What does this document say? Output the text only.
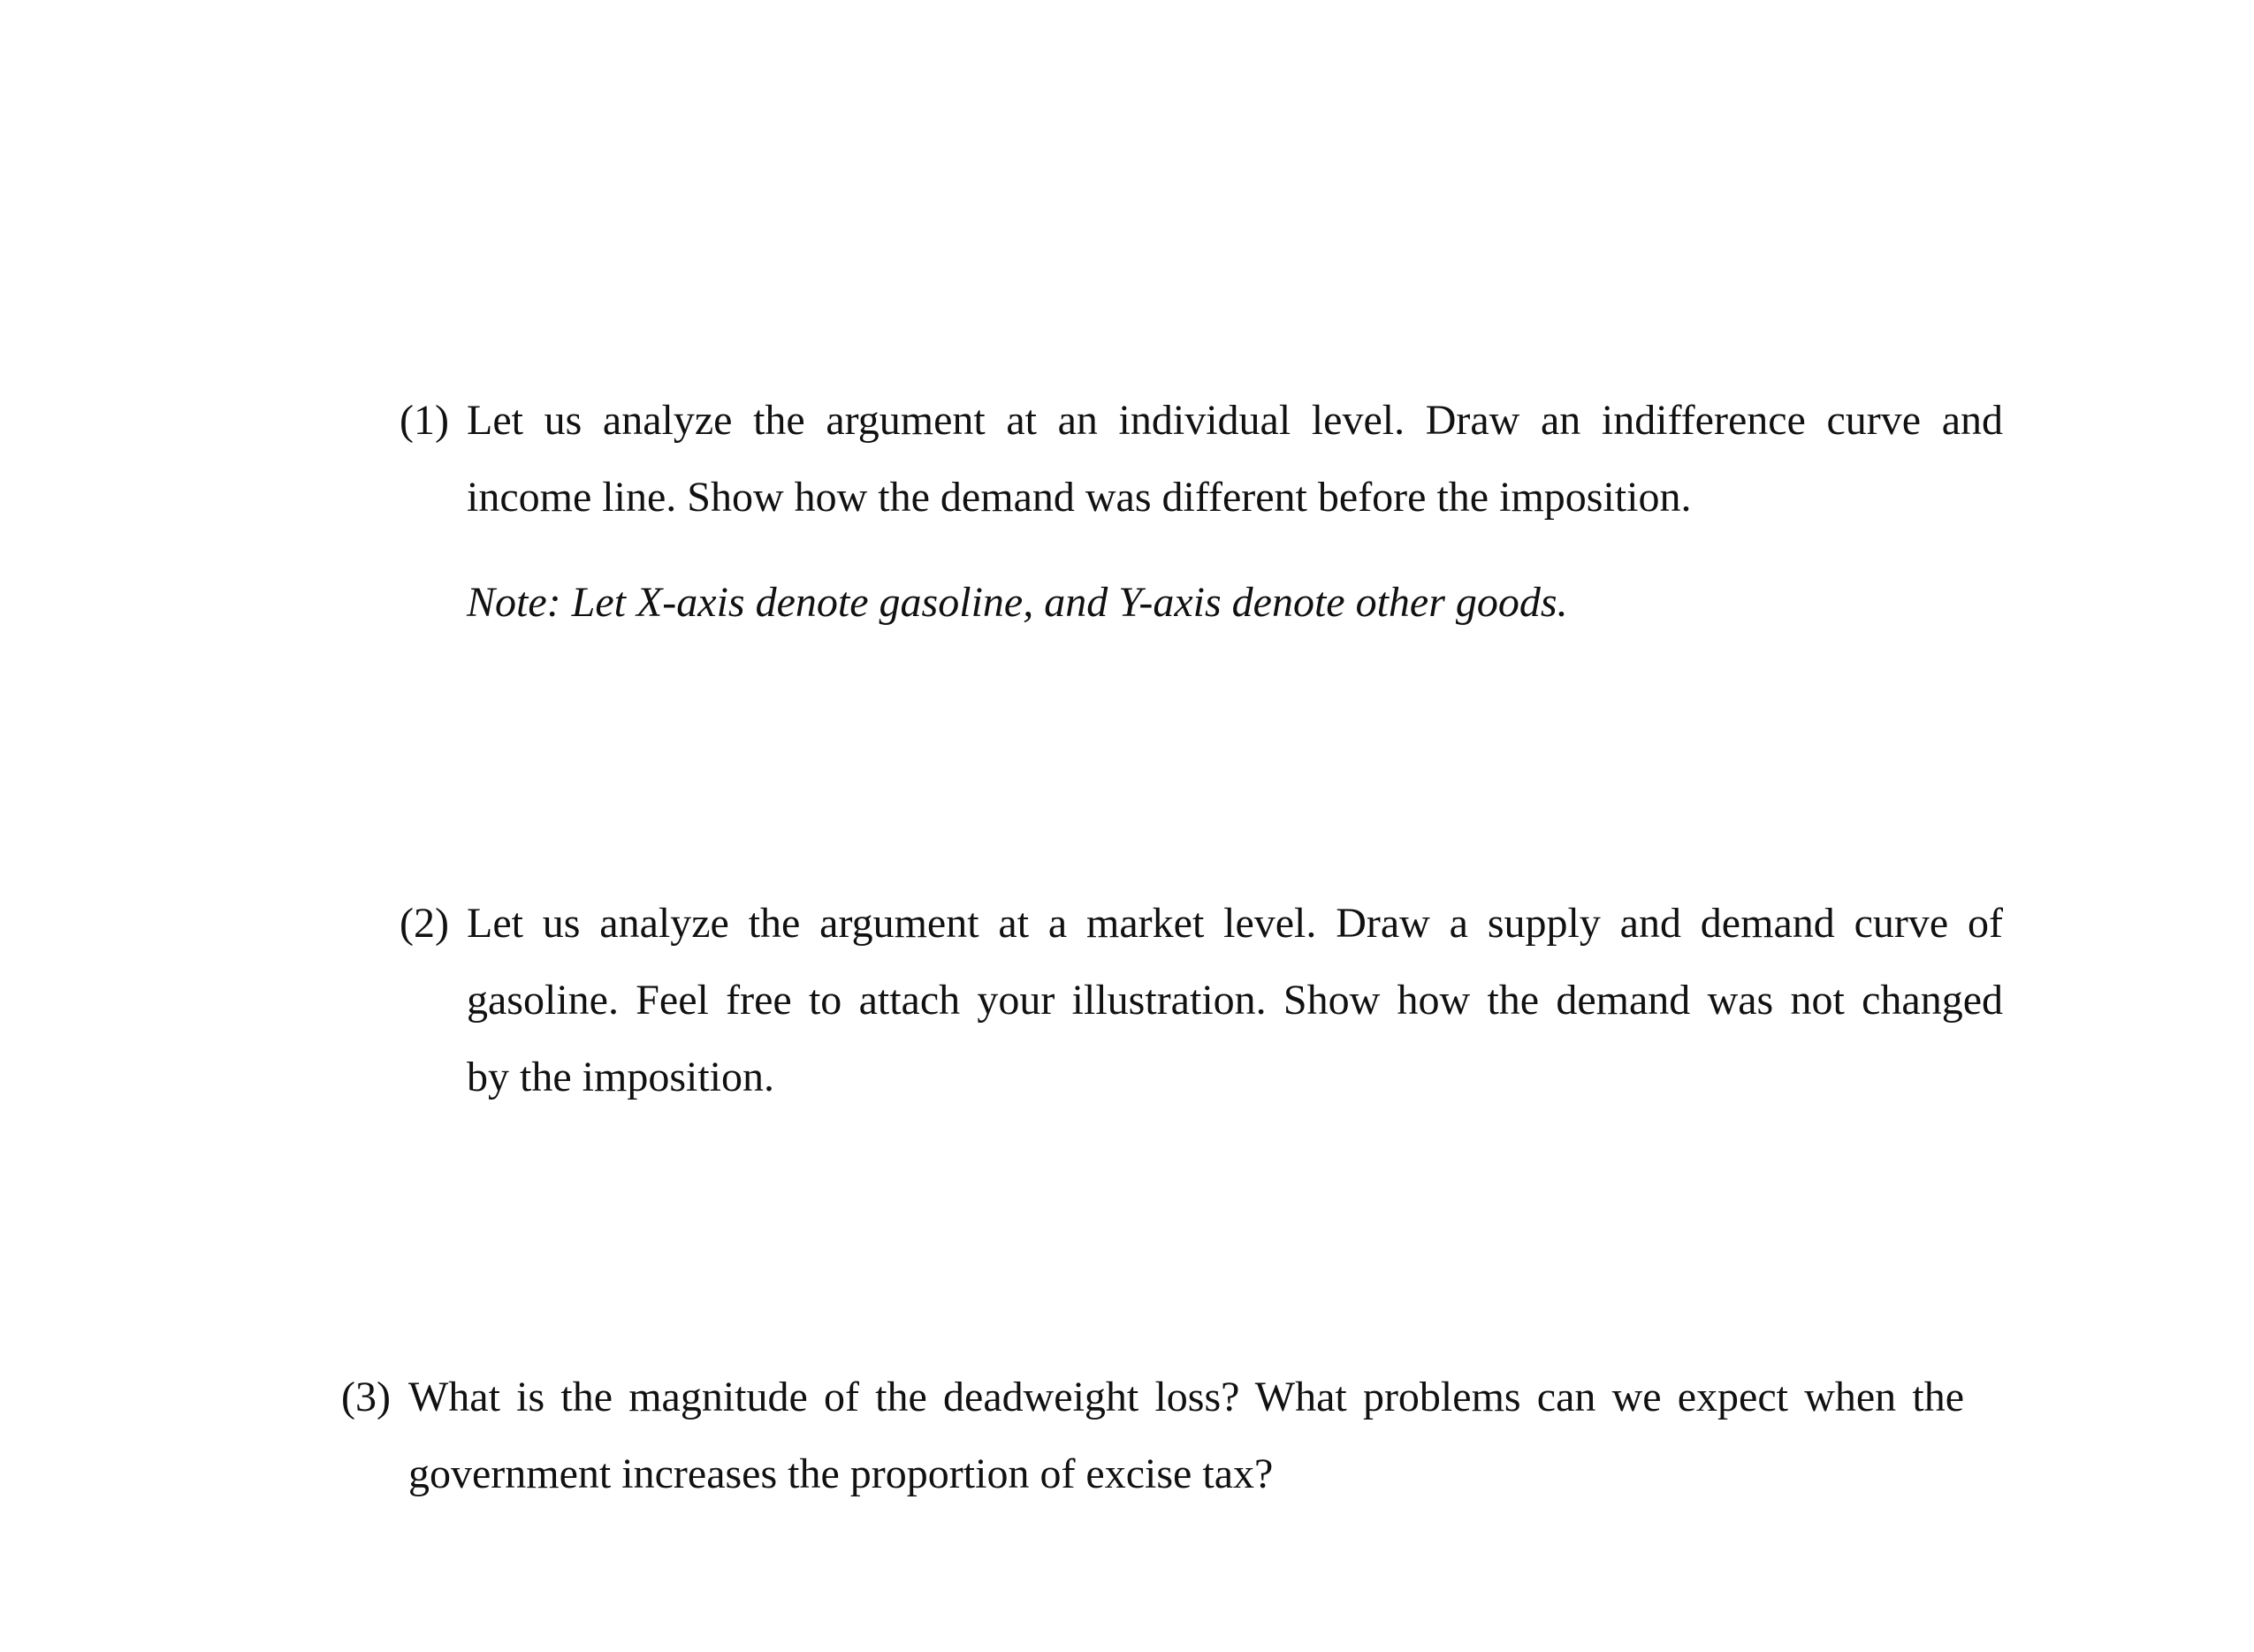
(1) Let us analyze the argument at an individual level. Draw an indifference curve and
income line. Show how the demand was different before the imposition.
Note: Let X-axis denote gasoline, and Y-axis denote other goods.
(2) Let us analyze the argument at a market level. Draw a supply and demand curve of
gasoline. Feel free to attach your illustration. Show how the demand was not changed
by the imposition.
(3) What is the magnitude of the deadweight loss? What problems can we expect when the
government increases the proportion of excise tax?
